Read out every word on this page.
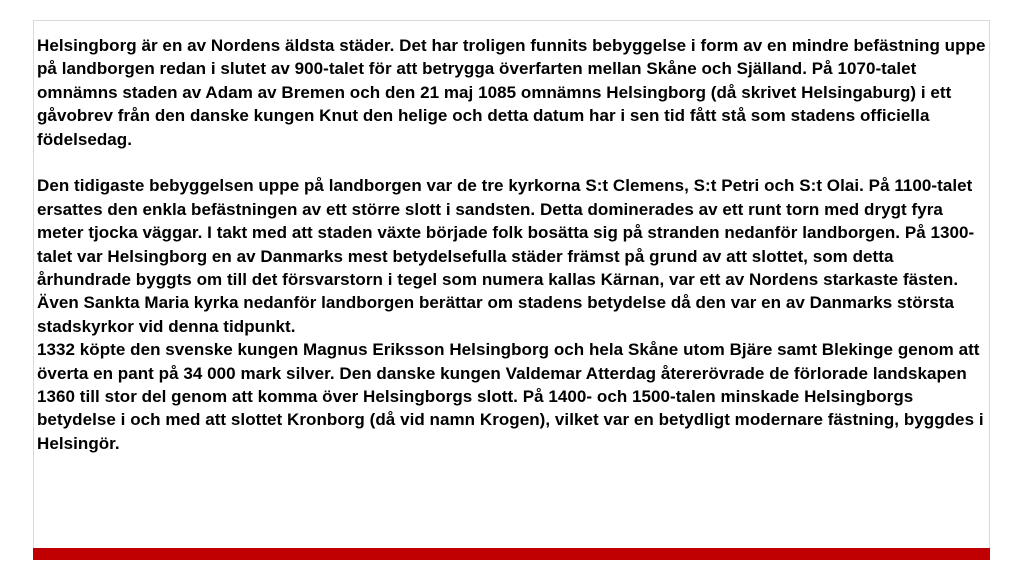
Helsingborg är en av Nordens äldsta städer. Det har troligen funnits bebyggelse i form av en mindre befästning uppe på landborgen redan i slutet av 900-talet för att betrygga överfarten mellan Skåne och Själland. På 1070-talet omnämns staden av Adam av Bremen och den 21 maj 1085 omnämns Helsingborg (då skrivet Helsingaburg) i ett gåvobrev från den danske kungen Knut den helige och detta datum har i sen tid fått stå som stadens officiella födelsedag.

Den tidigaste bebyggelsen uppe på landborgen var de tre kyrkorna S:t Clemens, S:t Petri och S:t Olai. På 1100-talet ersattes den enkla befästningen av ett större slott i sandsten. Detta dominerades av ett runt torn med drygt fyra meter tjocka väggar. I takt med att staden växte började folk bosätta sig på stranden nedanför landborgen. På 1300-talet var Helsingborg en av Danmarks mest betydelsefulla städer främst på grund av att slottet, som detta århundrade byggts om till det försvarstorn i tegel som numera kallas Kärnan, var ett av Nordens starkaste fästen. Även Sankta Maria kyrka nedanför landborgen berättar om stadens betydelse då den var en av Danmarks största stadskyrkor vid denna tidpunkt.

1332 köpte den svenske kungen Magnus Eriksson Helsingborg och hela Skåne utom Bjäre samt Blekinge genom att överta en pant på 34 000 mark silver. Den danske kungen Valdemar Atterdag återerövrade de förlorade landskapen 1360 till stor del genom att komma över Helsingborgs slott. På 1400- och 1500-talen minskade Helsingborgs betydelse i och med att slottet Kronborg (då vid namn Krogen), vilket var en betydligt modernare fästning, byggdes i Helsingör.
